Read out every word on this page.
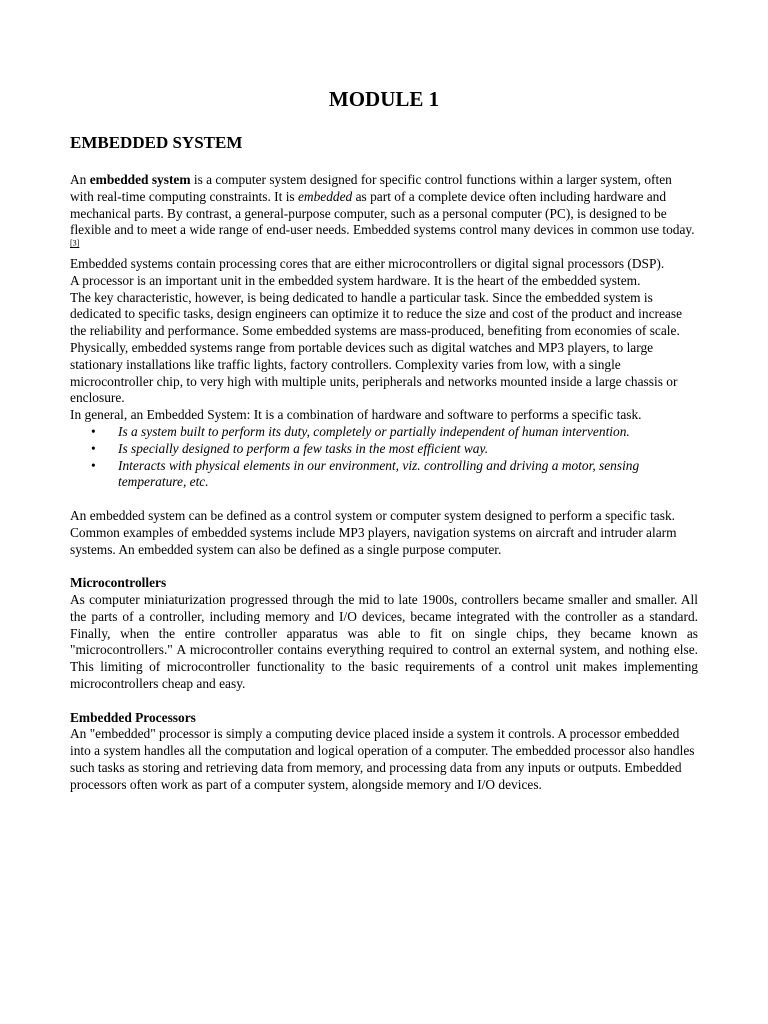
MODULE 1
EMBEDDED SYSTEM

An embedded system is a computer system designed for specific control functions within a larger system, often with real-time computing constraints. It is embedded as part of a complete device often including hardware and mechanical parts. By contrast, a general-purpose computer, such as a personal computer (PC), is designed to be flexible and to meet a wide range of end-user needs. Embedded systems control many devices in common use today.[3]

Embedded systems contain processing cores that are either microcontrollers or digital signal processors (DSP).

A processor is an important unit in the embedded system hardware. It is the heart of the embedded system.

The key characteristic, however, is being dedicated to handle a particular task. Since the embedded system is dedicated to specific tasks, design engineers can optimize it to reduce the size and cost of the product and increase the reliability and performance. Some embedded systems are mass-produced, benefiting from economies of scale.

Physically, embedded systems range from portable devices such as digital watches and MP3 players, to large stationary installations like traffic lights, factory controllers. Complexity varies from low, with a single microcontroller chip, to very high with multiple units, peripherals and networks mounted inside a large chassis or enclosure.

In general, an Embedded System: It is a combination of hardware and software to performs a specific task.

• Is a system built to perform its duty, completely or partially independent of human intervention.
• Is specially designed to perform a few tasks in the most efficient way.
• Interacts with physical elements in our environment, viz. controlling and driving a motor, sensing temperature, etc.

An embedded system can be defined as a control system or computer system designed to perform a specific task. Common examples of embedded systems include MP3 players, navigation systems on aircraft and intruder alarm systems. An embedded system can also be defined as a single purpose computer.

Microcontrollers

As computer miniaturization progressed through the mid to late 1900s, controllers became smaller and smaller. All the parts of a controller, including memory and I/O devices, became integrated with the controller as a standard. Finally, when the entire controller apparatus was able to fit on single chips, they became known as "microcontrollers." A microcontroller contains everything required to control an external system, and nothing else. This limiting of microcontroller functionality to the basic requirements of a control unit makes implementing microcontrollers cheap and easy.

Embedded Processors

An "embedded" processor is simply a computing device placed inside a system it controls. A processor embedded into a system handles all the computation and logical operation of a computer. The embedded processor also handles such tasks as storing and retrieving data from memory, and processing data from any inputs or outputs. Embedded processors often work as part of a computer system, alongside memory and I/O devices.
